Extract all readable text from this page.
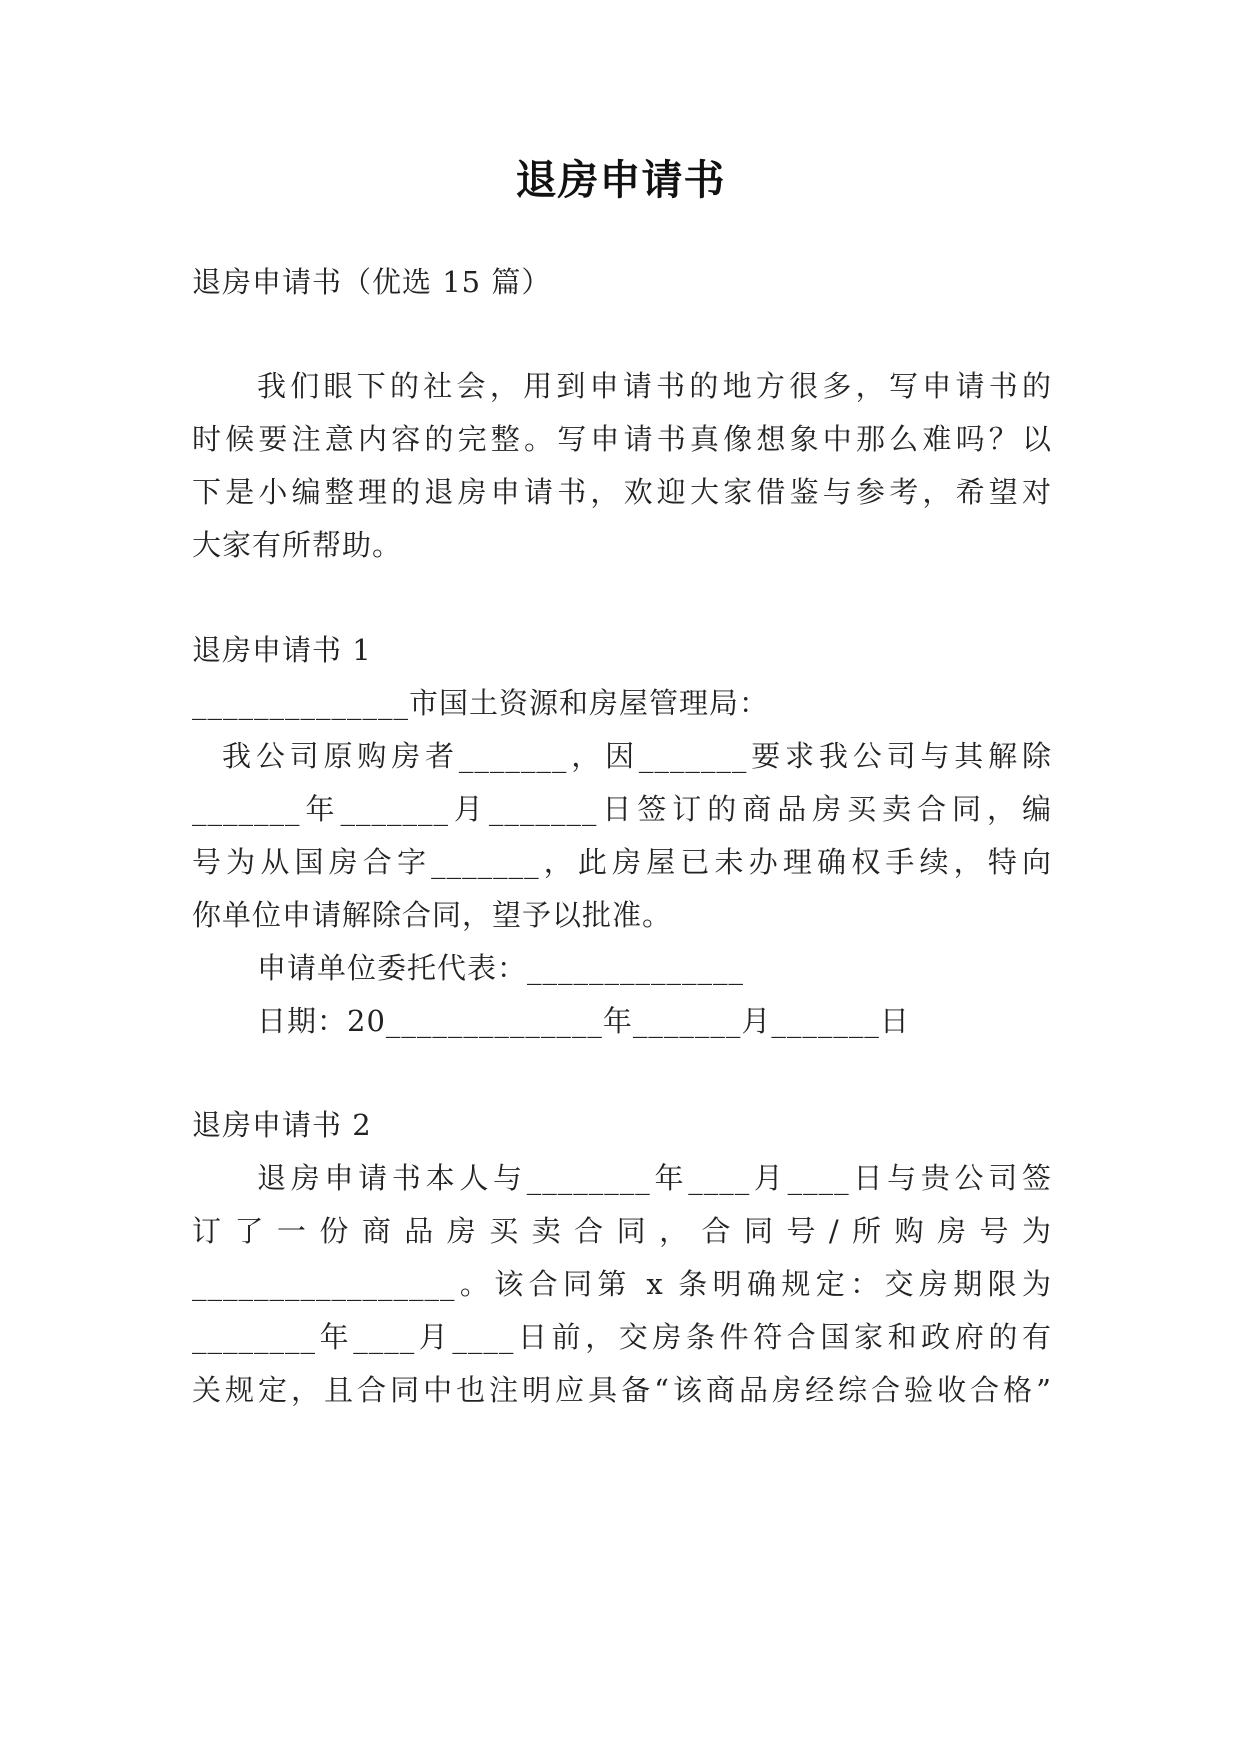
退房申请书
退房申请书（优选 15 篇）
我们眼下的社会，用到申请书的地方很多，写申请书的
时候要注意内容的完整。写申请书真像想象中那么难吗？以
下是小编整理的退房申请书，欢迎大家借鉴与参考，希望对
大家有所帮助。
退房申请书 1
______________市国土资源和房屋管理局：
我公司原购房者_______，因_______要求我公司与其解除
_______年_______月_______日签订的商品房买卖合同，编
号为从国房合字_______，此房屋已未办理确权手续，特向
你单位申请解除合同，望予以批准。
申请单位委托代表：______________
日期：20______________年_______月_______日
退房申请书 2
退房申请书本人与________年____月____日与贵公司签
订了一份商品房买卖合同，合同号/所购房号为
_________________。该合同第 x 条明确规定：交房期限为
________年____月____日前，交房条件符合国家和政府的有
关规定，且合同中也注明应具备“该商品房经综合验收合格”
